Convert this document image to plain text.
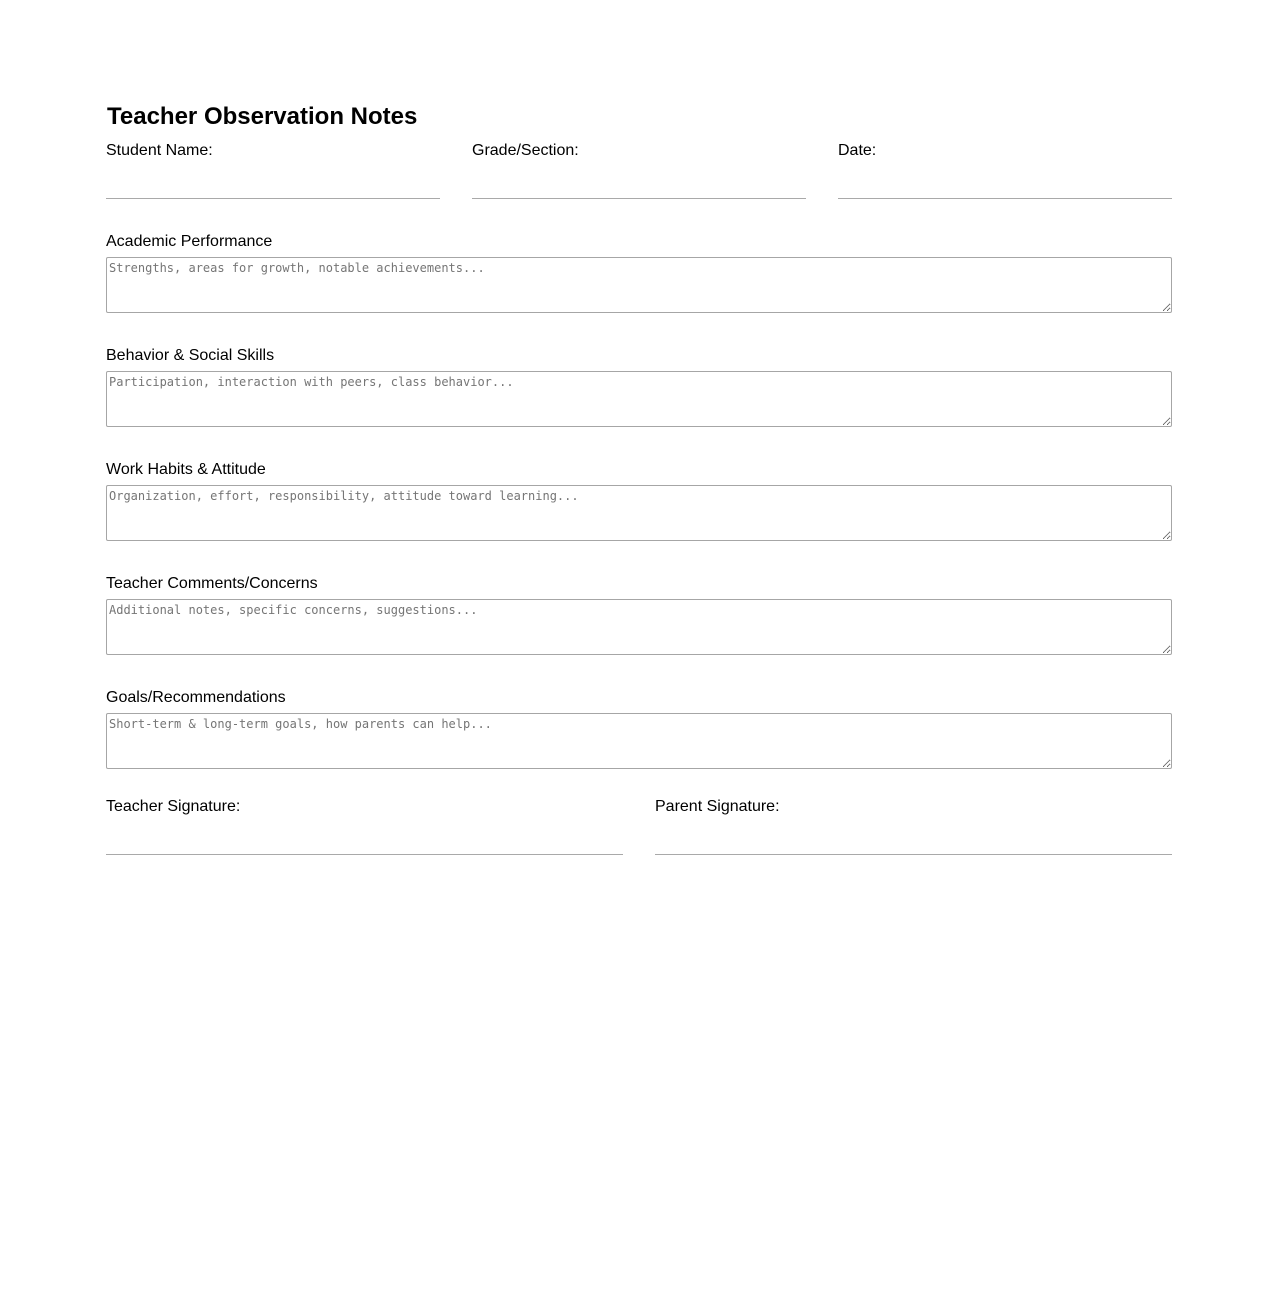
Teacher Observation Notes
Student Name:	Grade/Section:	Date:
Academic Performance
Strengths, areas for growth, notable achievements...
Behavior & Social Skills
Participation, interaction with peers, class behavior...
Work Habits & Attitude
Organization, effort, responsibility, attitude toward learning...
Teacher Comments/Concerns
Additional notes, specific concerns, suggestions...
Goals/Recommendations
Short-term & long-term goals, how parents can help...
Teacher Signature:	Parent Signature:
